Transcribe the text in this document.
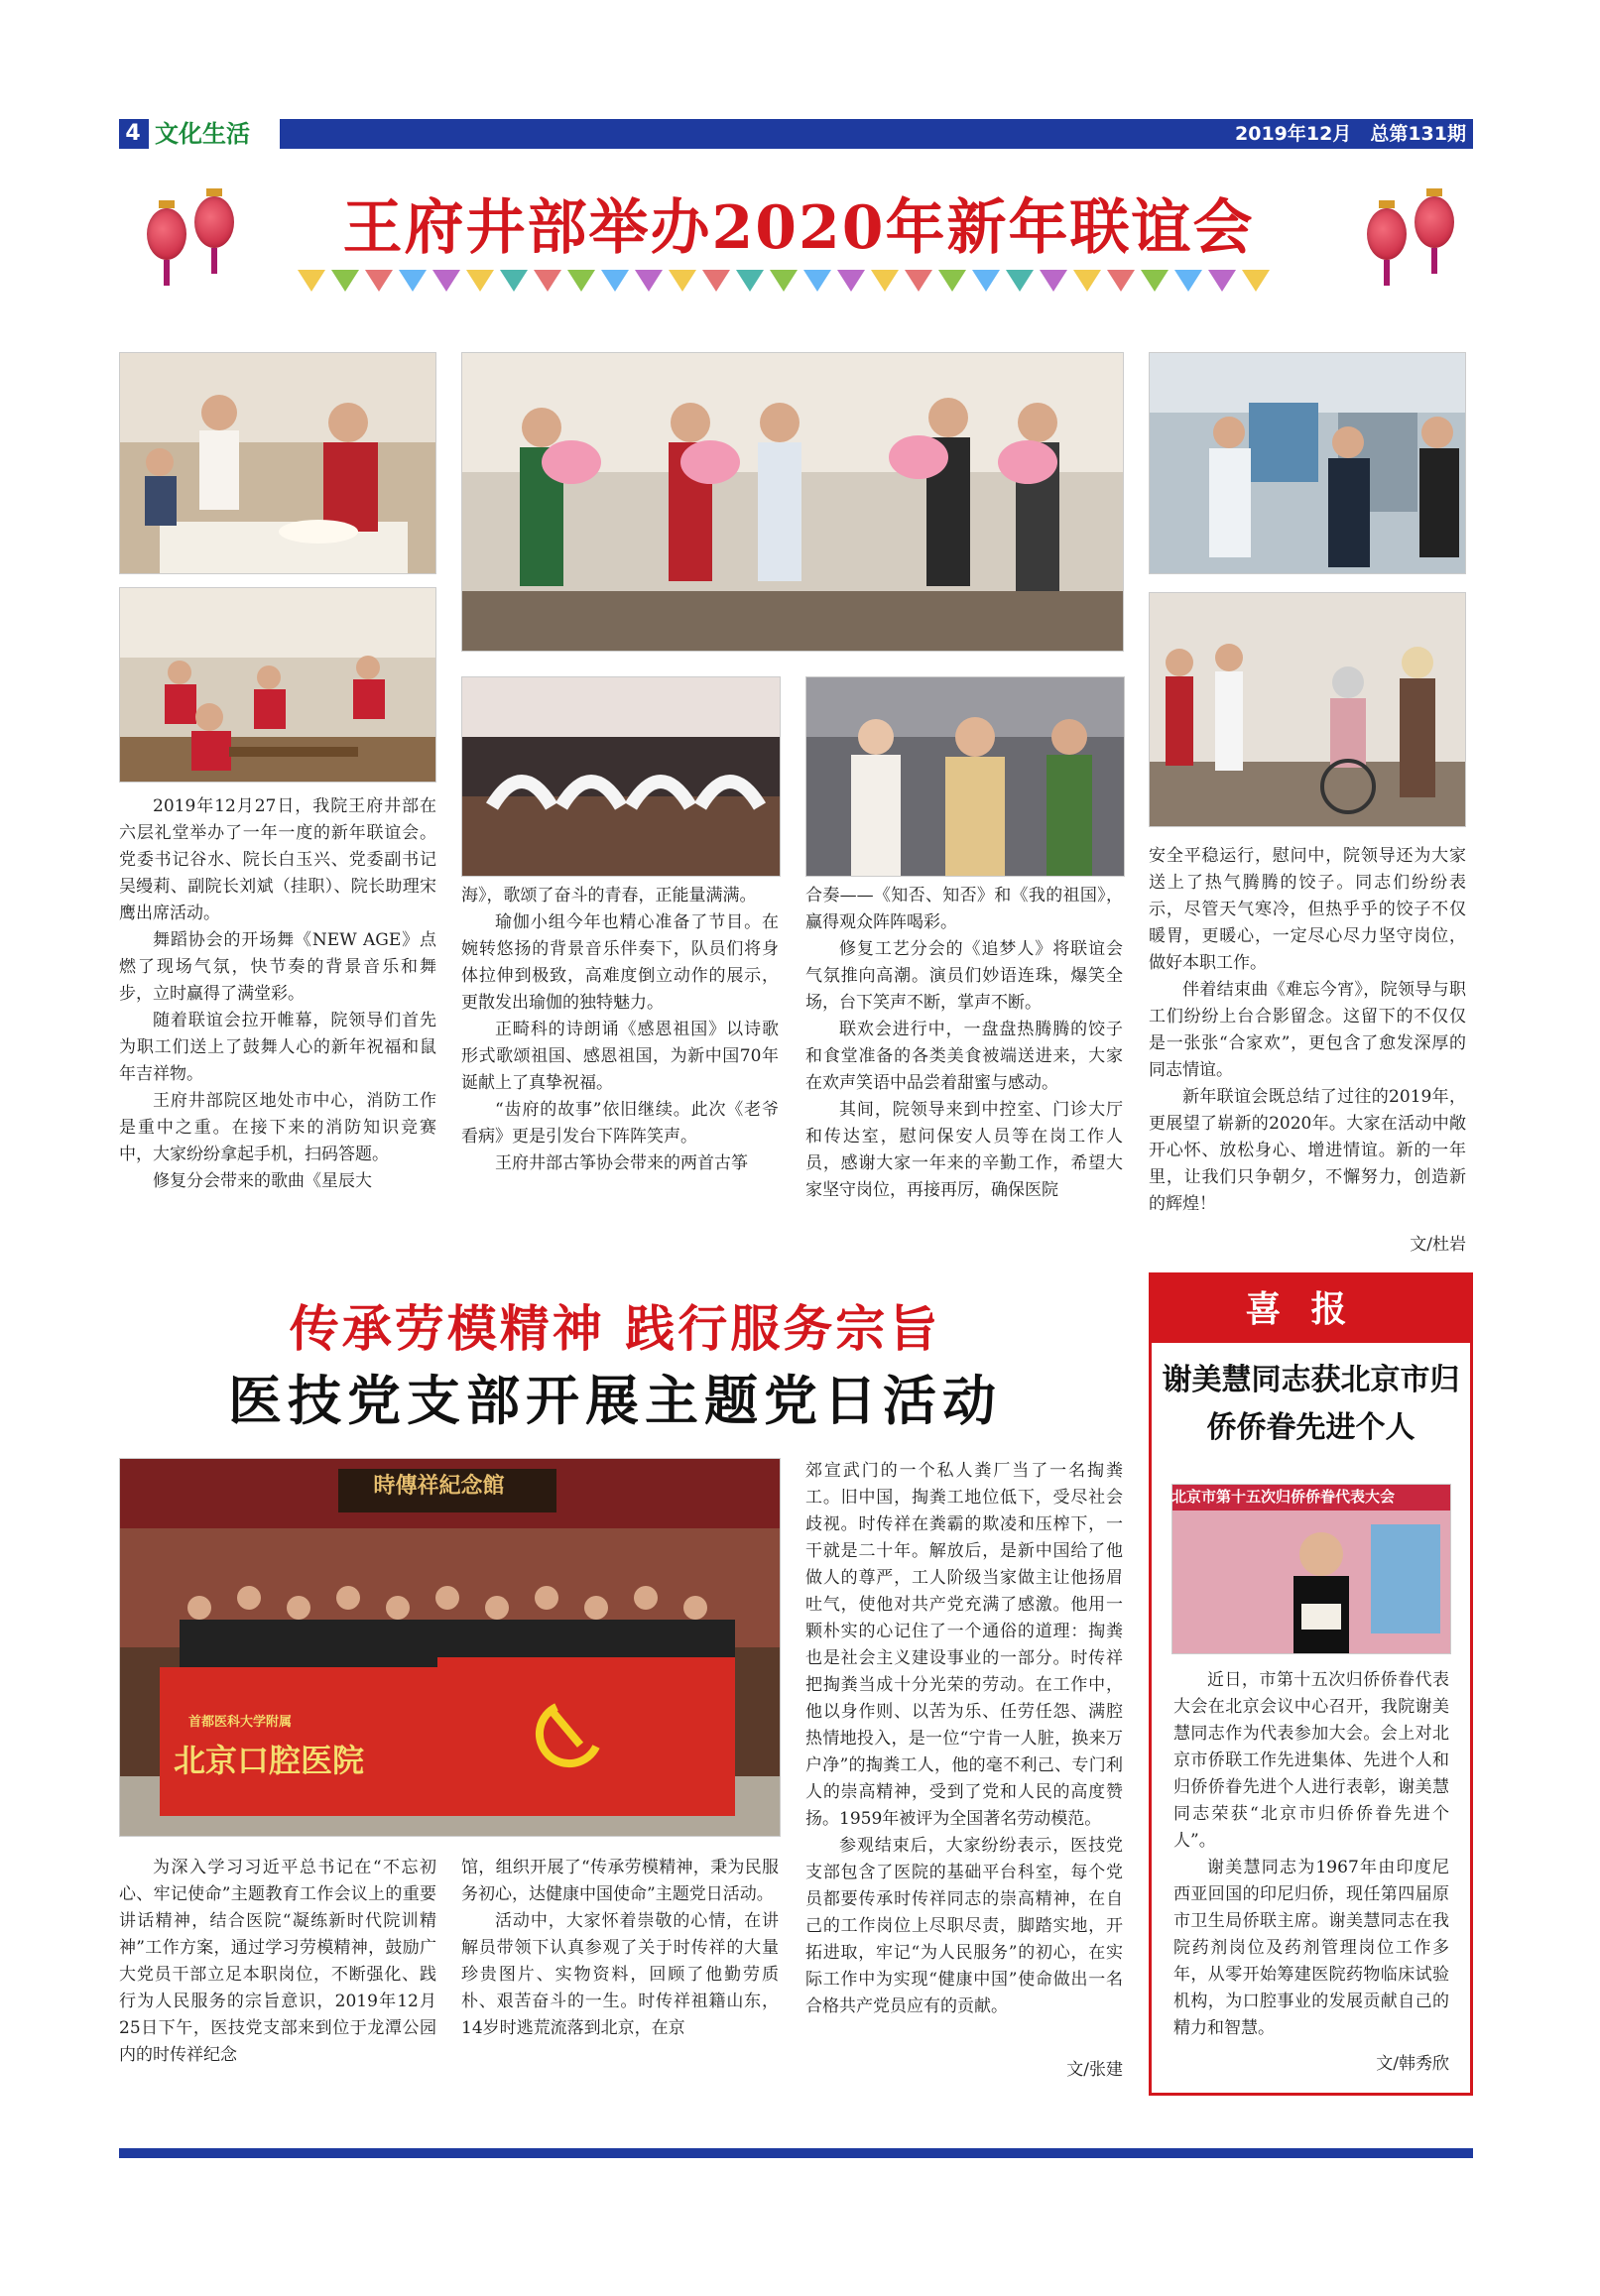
4 文化生活	2019年12月　总第131期
王府井部举办2020年新年联谊会

2019年12月27日，我院王府井部在六层礼堂举办了一年一度的新年联谊会。党委书记谷水、院长白玉兴、党委副书记吴缦莉、副院长刘斌（挂职）、院长助理宋鹰出席活动。

舞蹈协会的开场舞《NEW AGE》点燃了现场气氛，快节奏的背景音乐和舞步，立时赢得了满堂彩。

随着联谊会拉开帷幕，院领导们首先为职工们送上了鼓舞人心的新年祝福和鼠年吉祥物。

王府井部院区地处市中心，消防工作是重中之重。在接下来的消防知识竞赛中，大家纷纷拿起手机，扫码答题。

修复分会带来的歌曲《星辰大

海》，歌颂了奋斗的青春，正能量满满。

瑜伽小组今年也精心准备了节目。在婉转悠扬的背景音乐伴奏下，队员们将身体拉伸到极致，高难度倒立动作的展示，更散发出瑜伽的独特魅力。

正畸科的诗朗诵《感恩祖国》以诗歌形式歌颂祖国、感恩祖国，为新中国70年诞献上了真挚祝福。

“齿府的故事”依旧继续。此次《老爷看病》更是引发台下阵阵笑声。

王府井部古筝协会带来的两首古筝

合奏——《知否、知否》和《我的祖国》，赢得观众阵阵喝彩。

修复工艺分会的《追梦人》将联谊会气氛推向高潮。演员们妙语连珠，爆笑全场，台下笑声不断，掌声不断。

联欢会进行中，一盘盘热腾腾的饺子和食堂准备的各类美食被端送进来，大家在欢声笑语中品尝着甜蜜与感动。

其间，院领导来到中控室、门诊大厅和传达室，慰问保安人员等在岗工作人员，感谢大家一年来的辛勤工作，希望大家坚守岗位，再接再厉，确保医院

安全平稳运行，慰问中，院领导还为大家送上了热气腾腾的饺子。同志们纷纷表示，尽管天气寒冷，但热乎乎的饺子不仅暖胃，更暖心，一定尽心尽力坚守岗位，做好本职工作。

伴着结束曲《难忘今宵》，院领导与职工们纷纷上台合影留念。这留下的不仅仅是一张张“合家欢”，更包含了愈发深厚的同志情谊。

新年联谊会既总结了过往的2019年，更展望了崭新的2020年。大家在活动中敞开心怀、放松身心、增进情谊。新的一年里，让我们只争朝夕，不懈努力，创造新的辉煌！

文/杜岩
传承劳模精神 践行服务宗旨
医技党支部开展主题党日活动
時傳祥紀念館
首都医科大学附属
北京口腔医院

为深入学习习近平总书记在“不忘初心、牢记使命”主题教育工作会议上的重要讲话精神，结合医院“凝练新时代院训精神”工作方案，通过学习劳模精神，鼓励广大党员干部立足本职岗位，不断强化、践行为人民服务的宗旨意识，2019年12月25日下午，医技党支部来到位于龙潭公园内的时传祥纪念

馆，组织开展了“传承劳模精神，秉为民服务初心，达健康中国使命”主题党日活动。

活动中，大家怀着崇敬的心情，在讲解员带领下认真参观了关于时传祥的大量珍贵图片、实物资料，回顾了他勤劳质朴、艰苦奋斗的一生。时传祥祖籍山东，14岁时逃荒流落到北京，在京

郊宣武门的一个私人粪厂当了一名掏粪工。旧中国，掏粪工地位低下，受尽社会歧视。时传祥在粪霸的欺凌和压榨下，一干就是二十年。解放后，是新中国给了他做人的尊严，工人阶级当家做主让他扬眉吐气，使他对共产党充满了感激。他用一颗朴实的心记住了一个通俗的道理：掏粪也是社会主义建设事业的一部分。时传祥把掏粪当成十分光荣的劳动。在工作中，他以身作则、以苦为乐、任劳任怨、满腔热情地投入，是一位“宁肯一人脏，换来万户净”的掏粪工人，他的毫不利己、专门利人的崇高精神，受到了党和人民的高度赞扬。1959年被评为全国著名劳动模范。

参观结束后，大家纷纷表示，医技党支部包含了医院的基础平台科室，每个党员都要传承时传祥同志的崇高精神，在自己的工作岗位上尽职尽责，脚踏实地，开拓进取，牢记“为人民服务”的初心，在实际工作中为实现“健康中国”使命做出一名合格共产党员应有的贡献。

文/张建
喜报
谢美慧同志获北京市归侨侨眷先进个人
北京市第十五次归侨侨眷代表大会

近日，市第十五次归侨侨眷代表大会在北京会议中心召开，我院谢美慧同志作为代表参加大会。会上对北京市侨联工作先进集体、先进个人和归侨侨眷先进个人进行表彰，谢美慧同志荣获“北京市归侨侨眷先进个人”。

谢美慧同志为1967年由印度尼西亚回国的印尼归侨，现任第四届原市卫生局侨联主席。谢美慧同志在我院药剂岗位及药剂管理岗位工作多年，从零开始筹建医院药物临床试验机构，为口腔事业的发展贡献自己的精力和智慧。

文/韩秀欣
